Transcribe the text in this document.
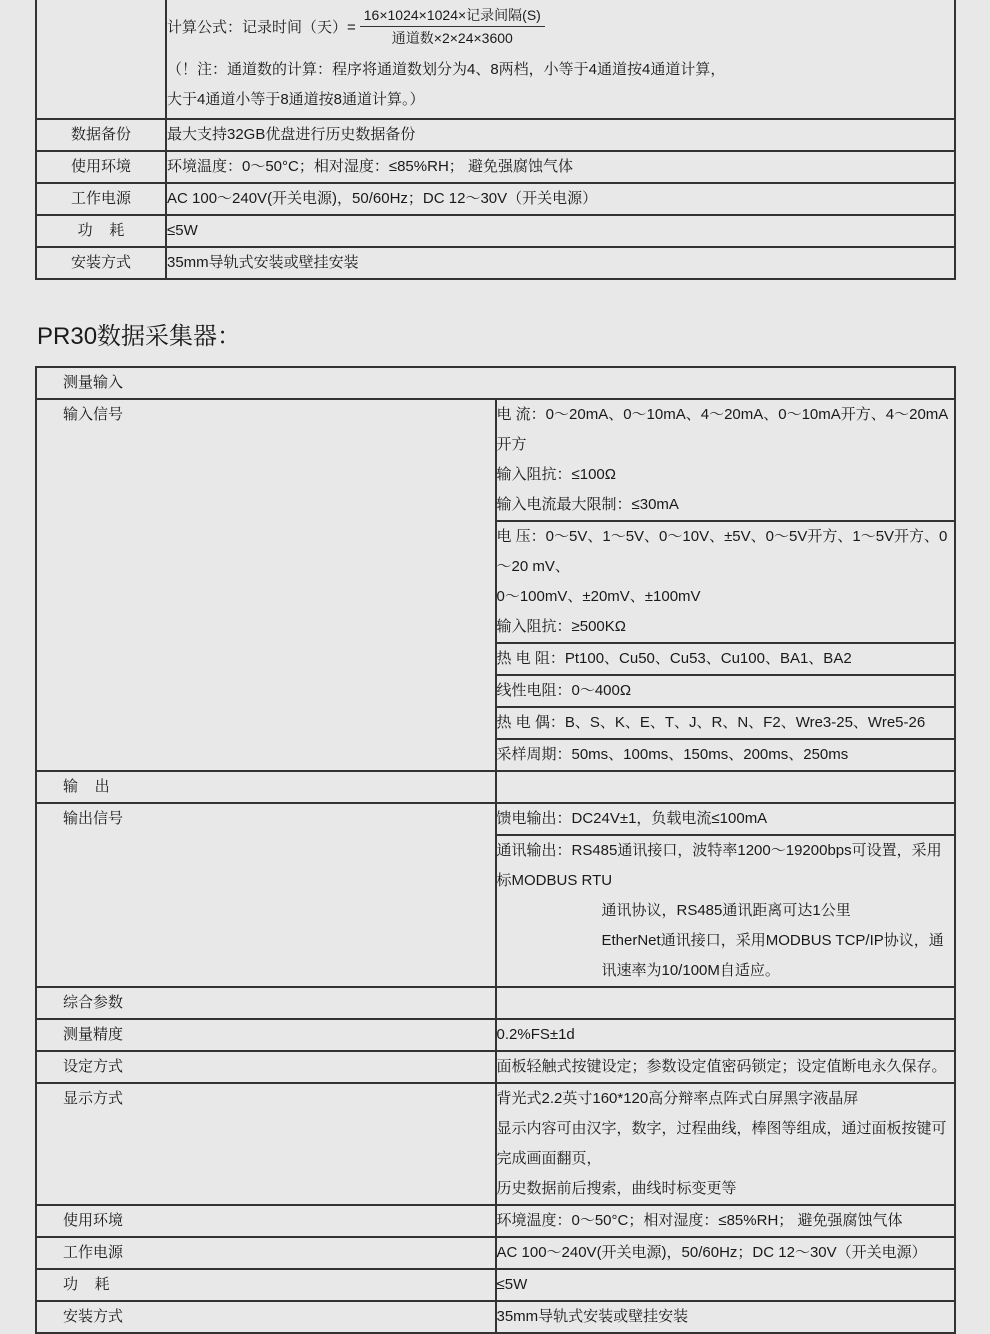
	计算公式：记录时间（天）= $\frac{\text{16×1024×1024×记录间隔(S)}}{\text{通道数×2×24×3600}}$
（！注：通道数的计算：程序将通道数划分为4、8两档，小等于4通道按4通道计算，
大于4通道小等于8通道按8通道计算。）

数据备份	最大支持32GB优盘进行历史数据备份

使用环境	环境温度：0～50°C；相对湿度：≤85%RH； 避免强腐蚀气体

工作电源	AC 100～240V(开关电源)，50/60Hz；DC 12～30V（开关电源）

功    耗	≤5W

安装方式	35mm导轨式安装或壁挂安装
PR30数据采集器：
测量输入	
输入信号	电 流：0～20mA、0～10mA、4～20mA、0～10mA开方、4～20mA开方
输入阻抗：≤100Ω
输入电流最大限制：≤30mA

	电 压：0～5V、1～5V、0～10V、±5V、0～5V开方、1～5V开方、0～20 mV、
0～100mV、±20mV、±100mV
输入阻抗：≥500KΩ

	热 电 阻：Pt100、Cu50、Cu53、Cu100、BA1、BA2

	线性电阻：0～400Ω

	热 电 偶：B、S、K、E、T、J、R、N、F2、Wre3-25、Wre5-26

	采样周期：50ms、100ms、150ms、200ms、250ms

输    出	

输出信号	馈电输出：DC24V±1，负载电流≤100mA

	通讯输出：RS485通讯接口，波特率1200～19200bps可设置，采用标MODBUS RTU
通讯协议，RS485通讯距离可达1公里
EtherNet通讯接口，采用MODBUS TCP/IP协议，通讯速率为10/100M自适应。

综合参数	

测量精度	0.2%FS±1d

设定方式	面板轻触式按键设定；参数设定值密码锁定；设定值断电永久保存。

显示方式	背光式2.2英寸160*120高分辩率点阵式白屏黑字液晶屏
显示内容可由汉字，数字，过程曲线，棒图等组成，通过面板按键可完成画面翻页，
历史数据前后搜索，曲线时标变更等

使用环境	环境温度：0～50°C；相对湿度：≤85%RH； 避免强腐蚀气体

工作电源	AC 100～240V(开关电源)，50/60Hz；DC 12～30V（开关电源）

功    耗	≤5W

安装方式	35mm导轨式安装或壁挂安装
